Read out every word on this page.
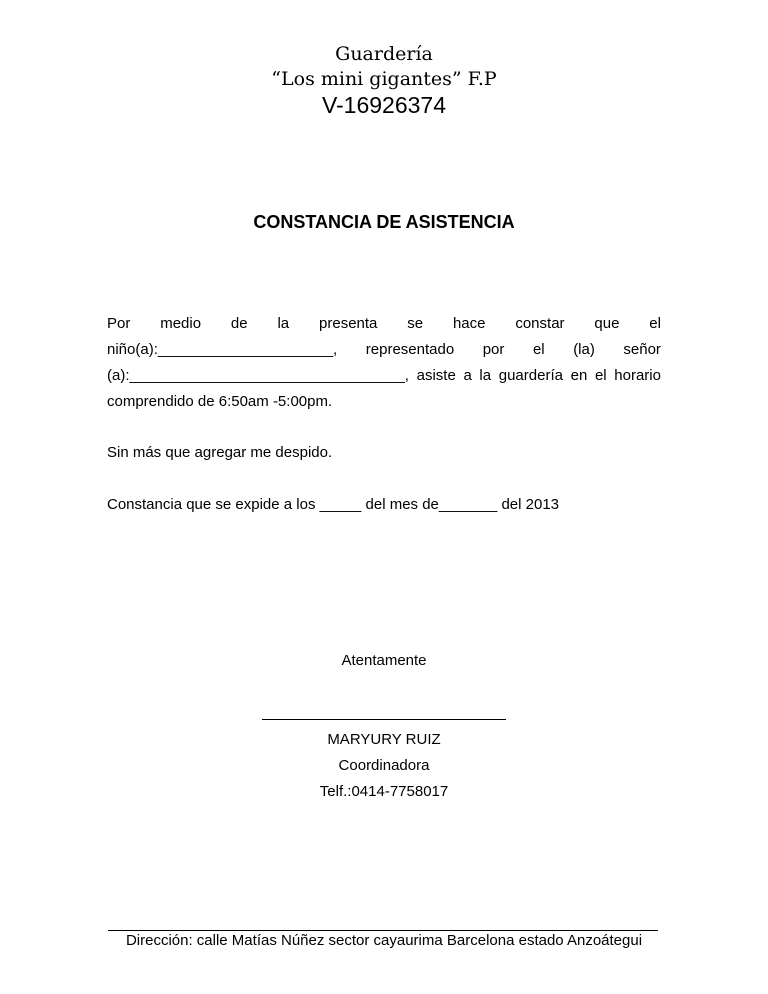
Guardería
“Los mini gigantes” F.P
V-16926374
CONSTANCIA DE ASISTENCIA
Por medio de la presenta se hace constar que el
niño(a):_____________________, representado por el (la) señor
(a):_________________________________, asiste a la guardería en el horario
comprendido de 6:50am -5:00pm.
Sin más que agregar me despido.
Constancia que se expide a los _____ del mes de_______ del 2013
Atentamente
MARYURY RUIZ
Coordinadora
Telf.:0414-7758017
Dirección: calle Matías Núñez sector cayaurima Barcelona estado Anzoátegui
